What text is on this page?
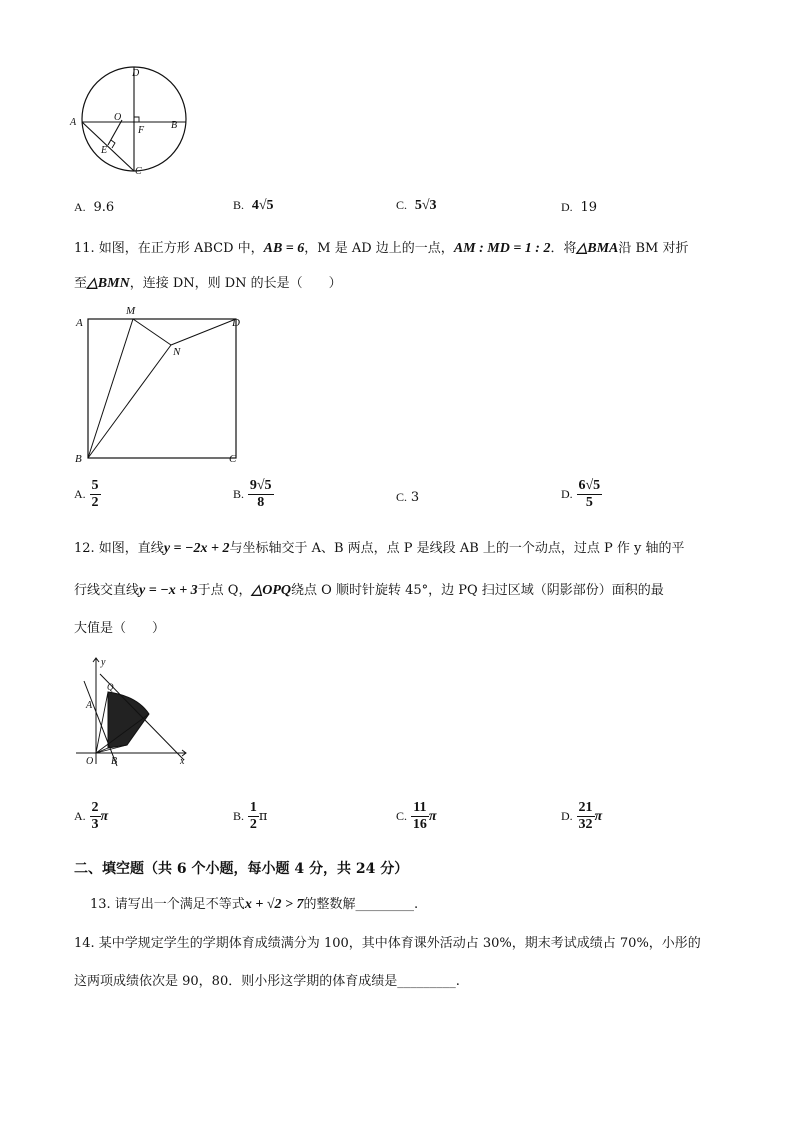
D
A	B
O
F
E
C
A. 9.6	B. 4√5	C. 5√3	D. 19
11. 如图，在正方形 ABCD 中，AB = 6，M 是 AD 边上的一点，AM : MD = 1 : 2．将△BMA沿 BM 对折
至△BMN，连接 DN，则 DN 的长是（　　）
A
M
D
N
B	C
A. $\frac{5}{2}$	B. $\frac{9√5}{8}$	C. 3	D. $\frac{6√5}{5}$
12. 如图，直线y = −2x + 2与坐标轴交于 A、B 两点，点 P 是线段 AB 上的一个动点，过点 P 作 y 轴的平
行线交直线y = −x + 3于点 Q，△OPQ绕点 O 顺时针旋转 45°，边 PQ 扫过区域（阴影部份）面积的最
大值是（　　）
y
Q
A
O B	x
A. $\frac{2}{3}$ π	B. $\frac{1}{2}$ π	C. $\frac{11}{16}$ π	D. $\frac{21}{32}$ π
二、填空题（共 6 个小题，每小题 4 分，共 24 分）
13. 请写出一个满足不等式x + √2 > 7的整数解_________.
14. 某中学规定学生的学期体育成绩满分为 100，其中体育课外活动占 30%，期末考试成绩占 70%，小彤的
这两项成绩依次是 90，80．则小彤这学期的体育成绩是_________.
